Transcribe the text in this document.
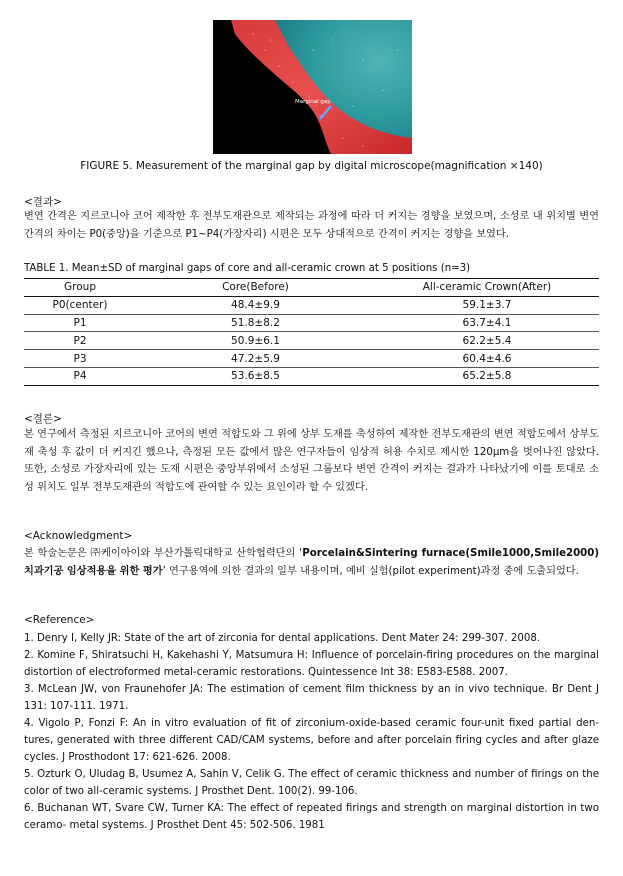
Marginal gap
FIGURE 5. Measurement of the marginal gap by digital microscope(magnification ×140)
<결과>
변연 간격은 지르코니아 코어 제작한 후 전부도재관으로 제작되는 과정에 따라 더 커지는 경향을 보였으며, 소성로 내 위치별 변연 간격의 차이는 P0(중앙)을 기준으로 P1~P4(가장자리) 시편은 모두 상대적으로 간격이 커지는 경향을 보였다.
TABLE 1. Mean±SD of marginal gaps of core and all-ceramic crown at 5 positions (n=3)
Group	Core(Before)	All-ceramic Crown(After)
P0(center)	48.4±9.9	59.1±3.7
P1	51.8±8.2	63.7±4.1
P2	50.9±6.1	62.2±5.4
P3	47.2±5.9	60.4±4.6
P4	53.6±8.5	65.2±5.8
<결론>
본 연구에서 측정된 지르코니아 코어의 변연 적합도와 그 위에 상부 도재를 축성하여 제작한 전부도재관의 변연 적합도에서 상부도재 축성 후 값이 더 커지긴 했으나, 측정된 모든 값에서 많은 연구자들이 임상적 허용 수치로 제시한 120μm을 벗어나진 않았다. 또한, 소성로 가장자리에 있는 도재 시편은 중앙부위에서 소성된 그룹보다 변연 간격이 커지는 결과가 나타났기에 이를 토대로 소성 위치도 일부 전부도재관의 적합도에 관여할 수 있는 요인이라 할 수 있겠다.
<Acknowledgment>
본 학술논문은 ㈜케이아이와 부산가톨릭대학교 산학협력단의 ‘Porcelain&Sintering furnace(Smile1000,Smile2000) 치과기공 임상적용을 위한 평가’ 연구용역에 의한 결과의 일부 내용이며, 예비 실험(pilot experiment)과정 중에 도출되었다.
<Reference>
1. Denry I, Kelly JR: State of the art of zirconia for dental applications. Dent Mater 24: 299-307. 2008.
2. Komine F, Shiratsuchi H, Kakehashi Y, Matsumura H: Influence of porcelain-firing procedures on the marginal distortion of electroformed metal-ceramic restorations. Quintessence Int 38: E583-E588. 2007.
3. McLean JW, von Fraunehofer JA: The estimation of cement film thickness by an in vivo technique. Br Dent J 131: 107-111. 1971.
4. Vigolo P, Fonzi F: An in vitro evaluation of fit of zirconium-oxide-based ceramic four-unit fixed partial den- tures, generated with three different CAD/CAM systems, before and after porcelain firing cycles and after glaze cycles. J Prosthodont 17: 621-626. 2008.
5. Ozturk O, Uludag B, Usumez A, Sahin V, Celik G. The effect of ceramic thickness and number of firings on the color of two all-ceramic systems. J Prosthet Dent. 100(2). 99-106.
6. Buchanan WT, Svare CW, Turner KA: The effect of repeated firings and strength on marginal distortion in two ceramo- metal systems. J Prosthet Dent 45: 502-506. 1981
